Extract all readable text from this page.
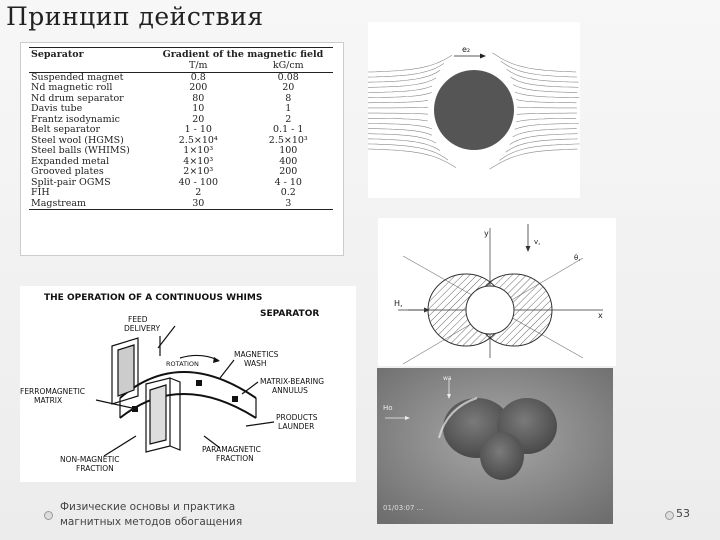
Принцип действия
Separator	Gradient of the magnetic field	
	T/m	kG/cm
Suspended magnet	0.8	0.08
Nd magnetic roll	200	20
Nd drum separator	80	8
Davis tube	10	1
Frantz isodynamic	20	2
Belt separator	1 - 10	0.1 - 1
Steel wool (HGMS)	2.5×10⁴	2.5×10³
Steel balls (WHIMS)	1×10³	100
Expanded metal	4×10³	400
Grooved plates	2×10³	200
Split-pair OGMS	40 - 100	4 - 10
FIH	2	0.2
Magstream	30	3
e₂
y
x
v,
θ,
H,
wa
Ho
01/03:07 ...
THE OPERATION OF A CONTINUOUS WHIMS
SEPARATOR
FEED
DELIVERY
ROTATION
MAGNETICS
WASH
MATRIX-BEARING
ANNULUS
FERROMAGNETIC
MATRIX
PRODUCTS
LAUNDER
PARAMAGNETIC
FRACTION
NON-MAGNETIC
FRACTION
Физические основы и практика
магнитных методов обогащения
53
